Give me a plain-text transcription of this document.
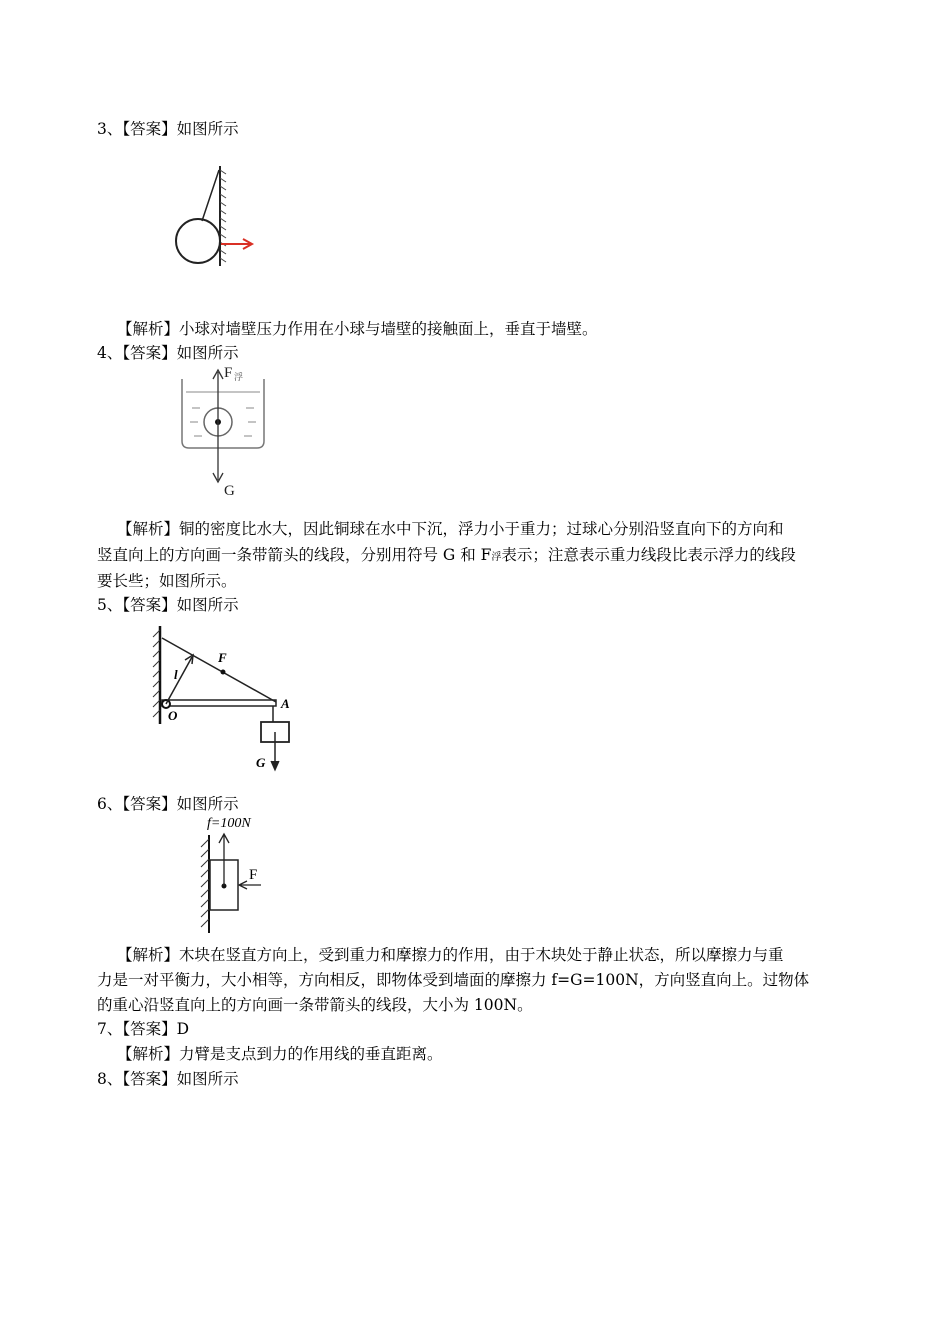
3、【答案】如图所示
【解析】小球对墙壁压力作用在小球与墙壁的接触面上，垂直于墙壁。
4、【答案】如图所示
F 浮
G
【解析】铜的密度比水大，因此铜球在水中下沉，浮力小于重力；过球心分别沿竖直向下的方向和
竖直向上的方向画一条带箭头的线段，分别用符号 G 和 F浮表示；注意表示重力线段比表示浮力的线段
要长些；如图所示。
5、【答案】如图所示
l
F
A
O
G
6、【答案】如图所示
f=100N
F
【解析】木块在竖直方向上，受到重力和摩擦力的作用，由于木块处于静止状态，所以摩擦力与重
力是一对平衡力，大小相等，方向相反，即物体受到墙面的摩擦力 f=G=100N，方向竖直向上。过物体
的重心沿竖直向上的方向画一条带箭头的线段，大小为 100N。
7、【答案】D
【解析】力臂是支点到力的作用线的垂直距离。
8、【答案】如图所示
